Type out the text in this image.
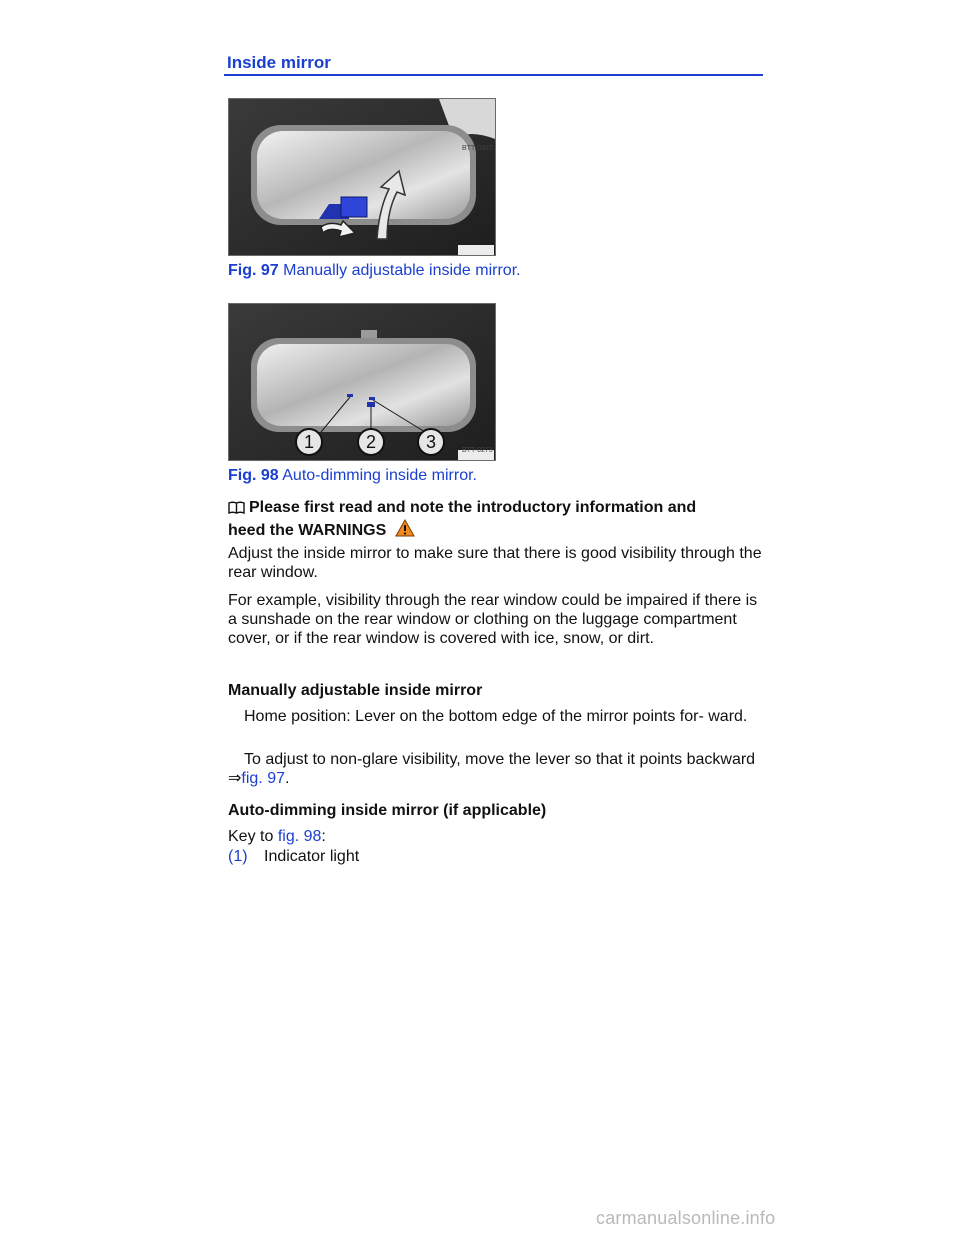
Inside mirror
BTT-0327
Fig. 97 Manually adjustable inside mirror.
BTT-0273
1	2	3
Fig. 98 Auto-dimming inside mirror.
Please first read and note the introductory information and
heed the WARNINGS
Adjust the inside mirror to make sure that there is good visibility through the rear window.
For example, visibility through the rear window could be impaired if there is a sunshade on the rear window or clothing on the luggage compartment cover, or if the rear window is covered with ice, snow, or dirt.
Manually adjustable inside mirror
Home position: Lever on the bottom edge of the mirror points for- ward.
To adjust to non-glare visibility, move the lever so that it points backward ⇒fig. 97.
Auto-dimming inside mirror (if applicable)
Key to fig. 98:
(1) Indicator light
carmanualsonline.info
